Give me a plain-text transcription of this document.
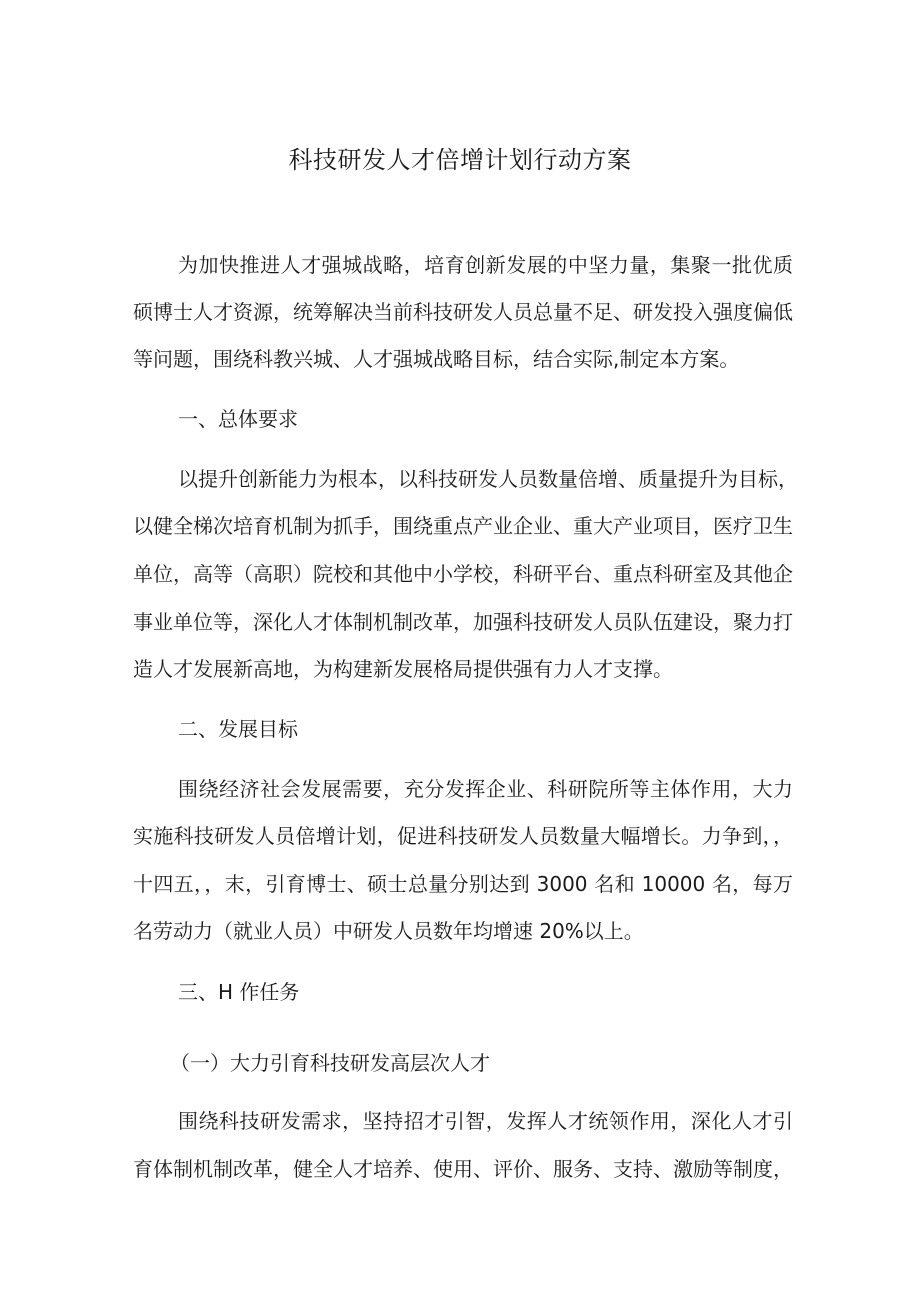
科技研发人才倍增计划行动方案
为加快推进人才强城战略，培育创新发展的中坚力量，集聚一批优质
硕博士人才资源，统筹解决当前科技研发人员总量不足、研发投入强度偏低
等问题，围绕科教兴城、人才强城战略目标，结合实际,制定本方案。
一、总体要求
以提升创新能力为根本，以科技研发人员数量倍增、质量提升为目标，
以健全梯次培育机制为抓手，围绕重点产业企业、重大产业项目，医疗卫生
单位，高等（高职）院校和其他中小学校，科研平台、重点科研室及其他企
事业单位等，深化人才体制机制改革，加强科技研发人员队伍建设，聚力打
造人才发展新高地，为构建新发展格局提供强有力人才支撑。
二、发展目标
围绕经济社会发展需要，充分发挥企业、科研院所等主体作用，大力
实施科技研发人员倍增计划，促进科技研发人员数量大幅增长。力争到，，
十四五，，末，引育博士、硕士总量分别达到 3000 名和 10000 名，每万
名劳动力（就业人员）中研发人员数年均增速 20%以上。
三、H 作任务
（一）大力引育科技研发高层次人才
围绕科技研发需求，坚持招才引智，发挥人才统领作用，深化人才引
育体制机制改革，健全人才培养、使用、评价、服务、支持、激励等制度，
